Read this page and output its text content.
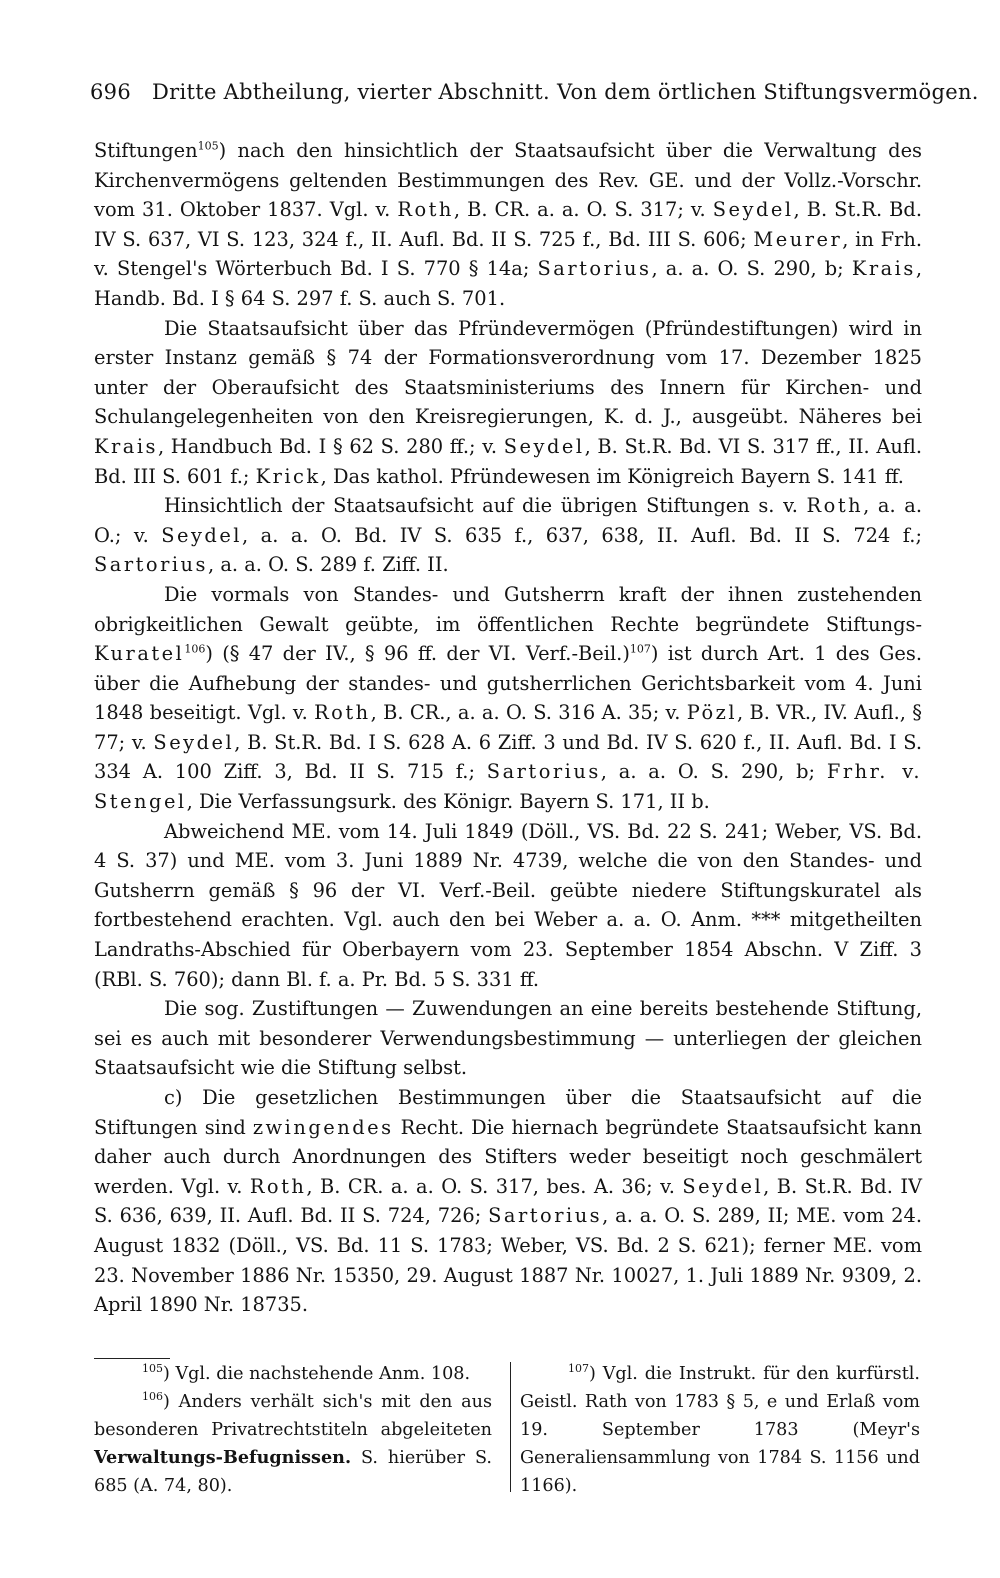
696 Dritte Abtheilung, vierter Abschnitt. Von dem örtlichen Stiftungsvermögen.

Stiftungen$^{105}$) nach den hinsichtlich der Staatsaufsicht über die Verwaltung des Kirchenvermögens geltenden Bestimmungen des Rev. GE. und der Vollz.-Vorschr. vom 31. Oktober 1837. Vgl. v. Roth, B. CR. a. a. O. S. 317; v. Seydel, B. St.R. Bd. IV S. 637, VI S. 123, 324 f., II. Aufl. Bd. II S. 725 f., Bd. III S. 606; Meurer, in Frh. v. Stengel's Wörterbuch Bd. I S. 770 § 14a; Sartorius, a. a. O. S. 290, b; Krais, Handb. Bd. I § 64 S. 297 f. S. auch S. 701.

Die Staatsaufsicht über das Pfründevermögen (Pfründestiftungen) wird in erster Instanz gemäß § 74 der Formationsverordnung vom 17. Dezember 1825 unter der Oberaufsicht des Staatsministeriums des Innern für Kirchen- und Schulangelegenheiten von den Kreisregierungen, K. d. J., ausgeübt. Näheres bei Krais, Handbuch Bd. I § 62 S. 280 ff.; v. Seydel, B. St.R. Bd. VI S. 317 ff., II. Aufl. Bd. III S. 601 f.; Krick, Das kathol. Pfründewesen im Königreich Bayern S. 141 ff.

Hinsichtlich der Staatsaufsicht auf die übrigen Stiftungen s. v. Roth, a. a. O.; v. Seydel, a. a. O. Bd. IV S. 635 f., 637, 638, II. Aufl. Bd. II S. 724 f.; Sartorius, a. a. O. S. 289 f. Ziff. II.

Die vormals von Standes- und Gutsherrn kraft der ihnen zustehenden obrigkeitlichen Gewalt geübte, im öffentlichen Rechte begründete Stiftungs-Kuratel$^{106}$) (§ 47 der IV., § 96 ff. der VI. Verf.-Beil.)$^{107}$) ist durch Art. 1 des Ges. über die Aufhebung der standes- und gutsherrlichen Gerichtsbarkeit vom 4. Juni 1848 beseitigt. Vgl. v. Roth, B. CR., a. a. O. S. 316 A. 35; v. Pözl, B. VR., IV. Aufl., § 77; v. Seydel, B. St.R. Bd. I S. 628 A. 6 Ziff. 3 und Bd. IV S. 620 f., II. Aufl. Bd. I S. 334 A. 100 Ziff. 3, Bd. II S. 715 f.; Sartorius, a. a. O. S. 290, b; Frhr. v. Stengel, Die Verfassungsurk. des Königr. Bayern S. 171, II b.

Abweichend ME. vom 14. Juli 1849 (Döll., VS. Bd. 22 S. 241; Weber, VS. Bd. 4 S. 37) und ME. vom 3. Juni 1889 Nr. 4739, welche die von den Standes- und Gutsherrn gemäß § 96 der VI. Verf.-Beil. geübte niedere Stiftungskuratel als fortbestehend erachten. Vgl. auch den bei Weber a. a. O. Anm. *** mitgetheilten Landraths-Abschied für Oberbayern vom 23. September 1854 Abschn. V Ziff. 3 (RBl. S. 760); dann Bl. f. a. Pr. Bd. 5 S. 331 ff.

Die sog. Zustiftungen — Zuwendungen an eine bereits bestehende Stiftung, sei es auch mit besonderer Verwendungsbestimmung — unterliegen der gleichen Staatsaufsicht wie die Stiftung selbst.

c) Die gesetzlichen Bestimmungen über die Staatsaufsicht auf die Stiftungen sind zwingendes Recht. Die hiernach begründete Staatsaufsicht kann daher auch durch Anordnungen des Stifters weder beseitigt noch geschmälert werden. Vgl. v. Roth, B. CR. a. a. O. S. 317, bes. A. 36; v. Seydel, B. St.R. Bd. IV S. 636, 639, II. Aufl. Bd. II S. 724, 726; Sartorius, a. a. O. S. 289, II; ME. vom 24. August 1832 (Döll., VS. Bd. 11 S. 1783; Weber, VS. Bd. 2 S. 621); ferner ME. vom 23. November 1886 Nr. 15350, 29. August 1887 Nr. 10027, 1. Juli 1889 Nr. 9309, 2. April 1890 Nr. 18735.

$^{105}$) Vgl. die nachstehende Anm. 108.

$^{106}$) Anders verhält sich's mit den aus besonderen Privatrechtstiteln abgeleiteten Verwaltungs-Befugnissen. S. hierüber S. 685 (A. 74, 80).

$^{107}$) Vgl. die Instrukt. für den kurfürstl. Geistl. Rath von 1783 § 5, e und Erlaß vom 19. September 1783 (Meyr's Generaliensammlung von 1784 S. 1156 und 1166).
